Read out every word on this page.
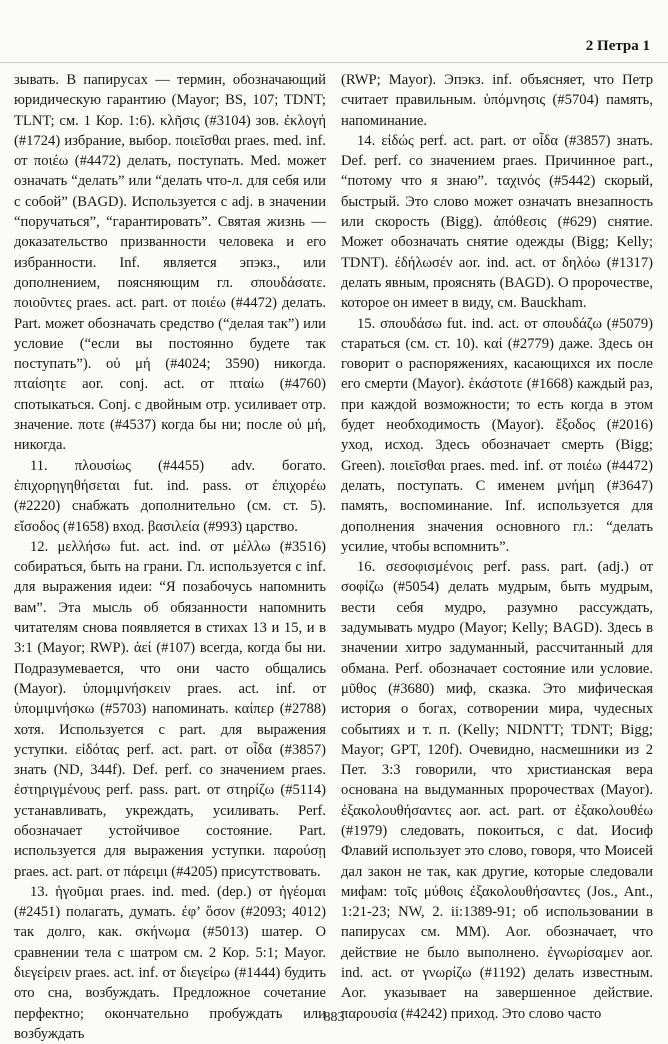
2 Петра 1

зывать. В папирусах — термин, обозначающий юридическую гарантию (Mayor; BS, 107; TDNT; TLNT; см. 1 Кор. 1:6). κλῆσις (#3104) зов. ἐκλογή (#1724) избрание, выбор. ποιεῖσθαι praes. med. inf. от ποιέω (#4472) делать, поступать. Med. может означать “делать” или “делать что-л. для себя или с собой” (BAGD). Используется с adj. в значении “поручаться”, “гарантировать”. Святая жизнь — доказательство призванности человека и его избранности. Inf. является эпэкз., или дополнением, поясняющим гл. σπουδάσατε. ποιοῦντες praes. act. part. от ποιέω (#4472) делать. Part. может обозначать средство (“делая так”) или условие (“если вы постоянно будете так поступать”). οὐ μή (#4024; 3590) никогда. πταίσητε aor. conj. act. от πταίω (#4760) спотыкаться. Conj. с двойным отр. усиливает отр. значение. ποτε (#4537) когда бы ни; после οὐ μή, никогда.

11. πλουσίως (#4455) adv. богато. ἐπιχορηγηθήσεται fut. ind. pass. от ἐπιχορέω (#2220) снабжать дополнительно (см. ст. 5). εἴσοδος (#1658) вход. βασιλεία (#993) царство.

12. μελλήσω fut. act. ind. от μέλλω (#3516) собираться, быть на грани. Гл. используется с inf. для выражения идеи: “Я позабочусь напомнить вам”. Эта мысль об обязанности напомнить читателям снова появляется в стихах 13 и 15, и в 3:1 (Mayor; RWP). ἀεί (#107) всегда, когда бы ни. Подразумевается, что они часто общались (Mayor). ὑπομιμνήσκειν praes. act. inf. от ὑπομιμνήσκω (#5703) напоминать. καίπερ (#2788) хотя. Используется с part. для выражения уступки. εἰδότας perf. act. part. от οἶδα (#3857) знать (ND, 344f). Def. perf. со значением praes. ἐστηριγμένους perf. pass. part. от στηρίζω (#5114) устанавливать, укреждать, усиливать. Perf. обозначает устойчивое состояние. Part. используется для выражения уступки. παρούσῃ praes. act. part. от πάρειμι (#4205) присутствовать.

13. ἡγοῦμαι praes. ind. med. (dep.) от ἡγέομαι (#2451) полагать, думать. ἐφ’ ὅσον (#2093; 4012) так долго, как. σκήνωμα (#5013) шатер. О сравнении тела с шатром см. 2 Кор. 5:1; Mayor. διεγείρειν praes. act. inf. от διεγείρω (#1444) будить ото сна, возбуждать. Предложное сочетание перфектно; окончательно пробуждать или возбуждать

(RWP; Mayor). Эпэкз. inf. объясняет, что Петр считает правильным. ὑπόμνησις (#5704) память, напоминание.

14. εἰδώς perf. act. part. от οἶδα (#3857) знать. Def. perf. со значением praes. Причинное part., “потому что я знаю”. ταχινός (#5442) скорый, быстрый. Это слово может означать внезапность или скорость (Bigg). ἀπόθεσις (#629) снятие. Может обозначать снятие одежды (Bigg; Kelly; TDNT). ἐδήλωσέν aor. ind. act. от δηλόω (#1317) делать явным, прояснять (BAGD). О пророчестве, которое он имеет в виду, см. Bauckham.

15. σπουδάσω fut. ind. act. от σπουδάζω (#5079) стараться (см. ст. 10). καί (#2779) даже. Здесь он говорит о распоряжениях, касающихся их после его смерти (Mayor). ἑκάστοτε (#1668) каждый раз, при каждой возможности; то есть когда в этом будет необходимость (Mayor). ἔξοδος (#2016) уход, исход. Здесь обозначает смерть (Bigg; Green). ποιεῖσθαι praes. med. inf. от ποιέω (#4472) делать, поступать. С именем μνήμη (#3647) память, воспоминание. Inf. используется для дополнения значения основного гл.: “делать усилие, чтобы вспомнить”.

16. σεσοφισμένοις perf. pass. part. (adj.) от σοφίζω (#5054) делать мудрым, быть мудрым, вести себя мудро, разумно рассуждать, задумывать мудро (Mayor; Kelly; BAGD). Здесь в значении хитро задуманный, рассчитанный для обмана. Perf. обозначает состояние или условие. μῦθος (#3680) миф, сказка. Это мифическая история о богах, сотворении мира, чудесных событиях и т. п. (Kelly; NIDNTT; TDNT; Bigg; Mayor; GPT, 120f). Очевидно, насмешники из 2 Пет. 3:3 говорили, что христианская вера основана на выдуманных пророчествах (Mayor). ἐξακολουθήσαντες aor. act. part. от ἐξακολουθέω (#1979) следовать, покоиться, с dat. Иосиф Флавий использует это слово, говоря, что Моисей дал закон не так, как другие, которые следовали мифам: τοῖς μύθοις ἐξακολουθήσαντες (Jos., Ant., 1:21-23; NW, 2. ii:1389-91; об использовании в папирусах см. MM). Aor. обозначает, что действие не было выполнено. ἐγνωρίσαμεν aor. ind. act. от γνωρίζω (#1192) делать известным. Aor. указывает на завершенное действие. παρουσία (#4242) приход. Это слово часто

883
